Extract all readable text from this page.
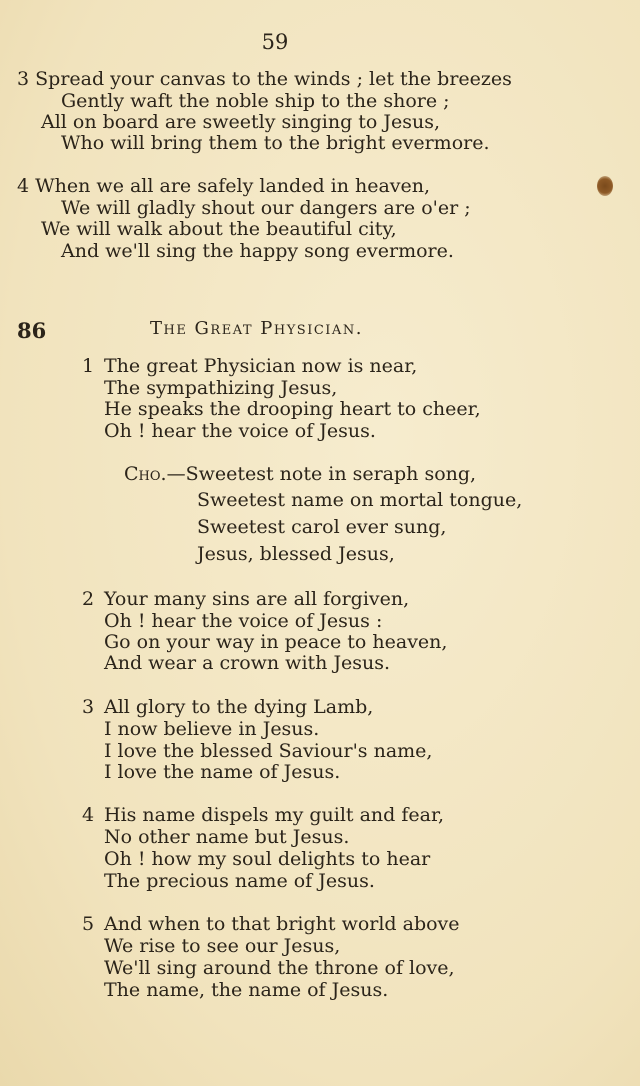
59
3 Spread your canvas to the winds ; let the breezes
Gently waft the noble ship to the shore ;
All on board are sweetly singing to Jesus,
Who will bring them to the bright evermore.
4 When we all are safely landed in heaven,
We will gladly shout our dangers are o'er ;
We will walk about the beautiful city,
And we'll sing the happy song evermore.
86	The Great Physician.
1 The great Physician now is near,
The sympathizing Jesus,
He speaks the drooping heart to cheer,
Oh ! hear the voice of Jesus.
Cho.—Sweetest note in seraph song,
Sweetest name on mortal tongue,
Sweetest carol ever sung,
Jesus, blessed Jesus,
2 Your many sins are all forgiven,
Oh ! hear the voice of Jesus :
Go on your way in peace to heaven,
And wear a crown with Jesus.
3 All glory to the dying Lamb,
I now believe in Jesus.
I love the blessed Saviour's name,
I love the name of Jesus.
4 His name dispels my guilt and fear,
No other name but Jesus.
Oh ! how my soul delights to hear
The precious name of Jesus.
5 And when to that bright world above
We rise to see our Jesus,
We'll sing around the throne of love,
The name, the name of Jesus.
